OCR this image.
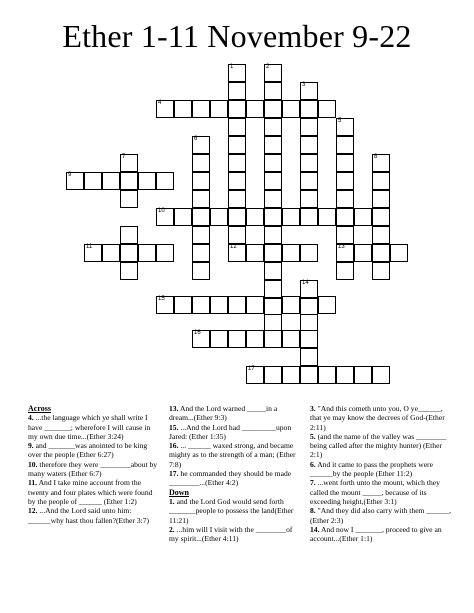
Ether 1-11 November 9-22
1	2
3
4
5
6
7	8
9
10
11	12	13
14
15
16
17
Across

4. ...the language which ye shall write I have _______; wherefore I will cause in my own due time...(Ether 3:24)

9. and _______was anointed to be king over the people (Ether 6:27)

10. therefore they were ________about by many waters (Ether 6:7)

11. And I take mine account from the twenty and four plates which were found by the people of ______ (Ether 1:2)

12. ...And the Lord said unto him: ______why hast thou fallen?(Ether 3:7)

13. And the Lord warned _____in a dream...(Ether 9:3)

15. ...And the Lord had _________upon Jared: (Ether 1:35)

16. ... ______ waxed strong, and became mighty as to the strength of a man; (Ether 7:8)

17. he commanded they should be made ________...(Ether 4:2)

Down

1. and the Lord God would send forth _______people to possess the land(Ether 11:21)

2. ...him will I visit with the ________of my spirit...(Ether 4:11)

3. "And this cometh unto you, O ye______, that ye may know the decrees of God-(Ether 2:11)

5. (and the name of the valley was ________ being called after the mighty hunter) (Ether 2:1)

6. And it came to pass the prophets were ______by the people (Ether 11:2)

7. ...went forth unto the mount, which they called the mount _____, because of its exceeding height,(Ether 3:1)

8. "And they did also carry with them ______, (Ether 2:3)

14. And now I _______, proceed to give an account...(Ether 1:1)
